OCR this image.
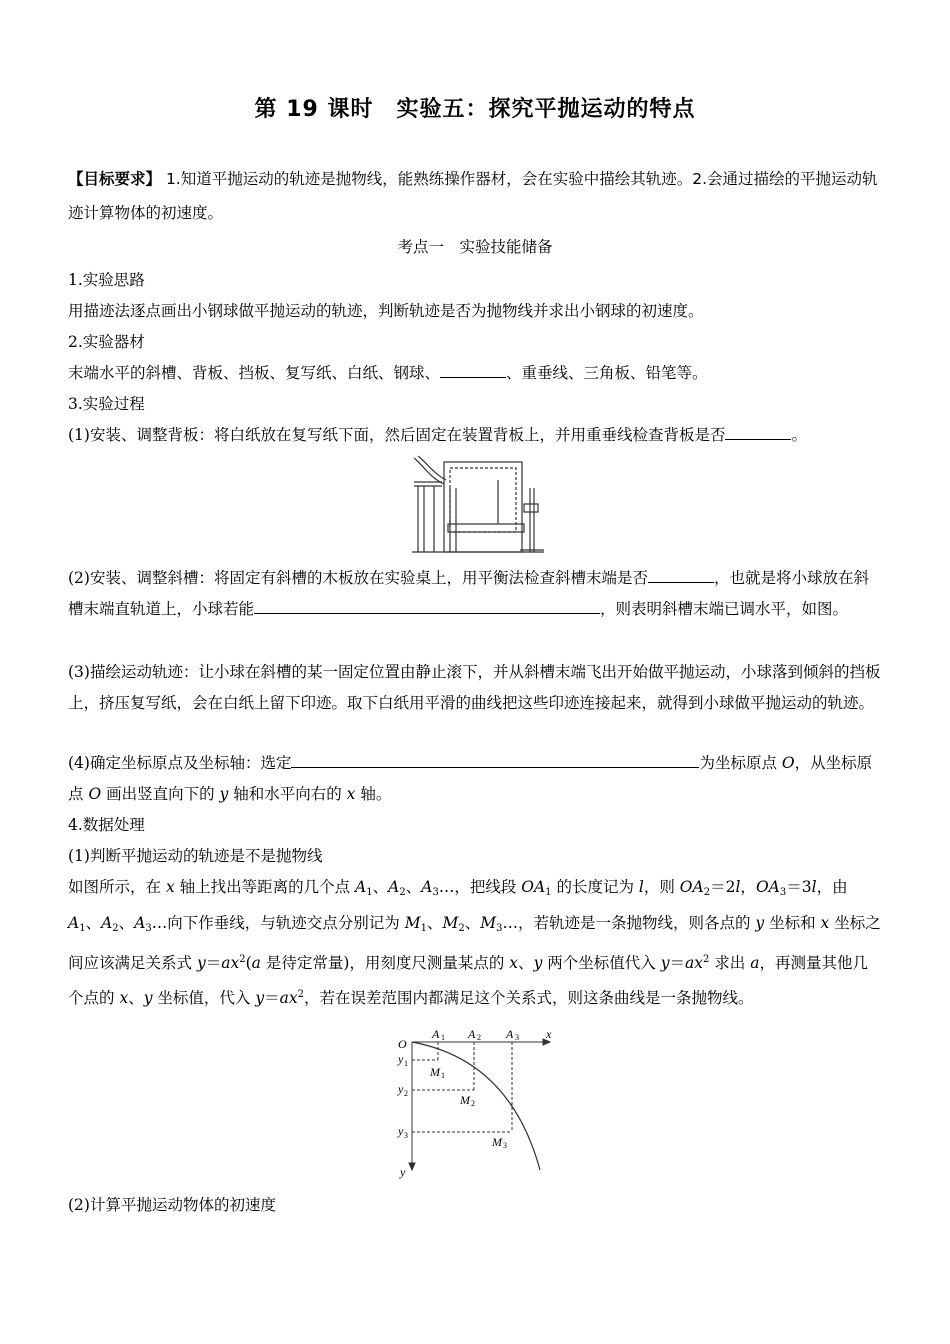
第 19 课时　实验五：探究平抛运动的特点
【目标要求】 1.知道平抛运动的轨迹是抛物线，能熟练操作器材，会在实验中描绘其轨迹。2.会通过描绘的平抛运动轨迹计算物体的初速度。
考点一　实验技能储备
1.实验思路
用描迹法逐点画出小钢球做平抛运动的轨迹，判断轨迹是否为抛物线并求出小钢球的初速度。
2.实验器材
末端水平的斜槽、背板、挡板、复写纸、白纸、钢球、	、重垂线、三角板、铅笔等。
3.实验过程
(1)安装、调整背板：将白纸放在复写纸下面，然后固定在装置背板上，并用重垂线检查背板是否	。
(2)安装、调整斜槽：将固定有斜槽的木板放在实验桌上，用平衡法检查斜槽末端是否	，也就是将小球放在斜槽末端直轨道上，小球若能	，则表明斜槽末端已调水平，如图。
(3)描绘运动轨迹：让小球在斜槽的某一固定位置由静止滚下，并从斜槽末端飞出开始做平抛运动，小球落到倾斜的挡板上，挤压复写纸，会在白纸上留下印迹。取下白纸用平滑的曲线把这些印迹连接起来，就得到小球做平抛运动的轨迹。
(4)确定坐标原点及坐标轴：选定	为坐标原点 O，从坐标原点 O 画出竖直向下的 y 轴和水平向右的 x 轴。
4.数据处理
(1)判断平抛运动的轨迹是不是抛物线
如图所示，在 x 轴上找出等距离的几个点 $A_1$、$A_2$、$A_3\dots$，把线段 $OA_1$ 的长度记为 l，则 $OA_2=2l$，$OA_3=3l$，由 $A_1$、$A_2$、$A_3\dots$向下作垂线，与轨迹交点分别记为 $M_1$、$M_2$、$M_3\dots$，若轨迹是一条抛物线，则各点的 y 坐标和 x 坐标之间应该满足关系式 $y=ax^2(a$ 是待定常量)，用刻度尺测量某点的 x、y 两个坐标值代入 $y=ax^2$ 求出 a，再测量其他几个点的 x、y 坐标值，代入 $y=ax^2$，若在误差范围内都满足这个关系式，则这条曲线是一条抛物线。
O
x
y
A A	A
M
M
M
y
y
y
1	2	3
1
2
3
1
2
3
(2)计算平抛运动物体的初速度
